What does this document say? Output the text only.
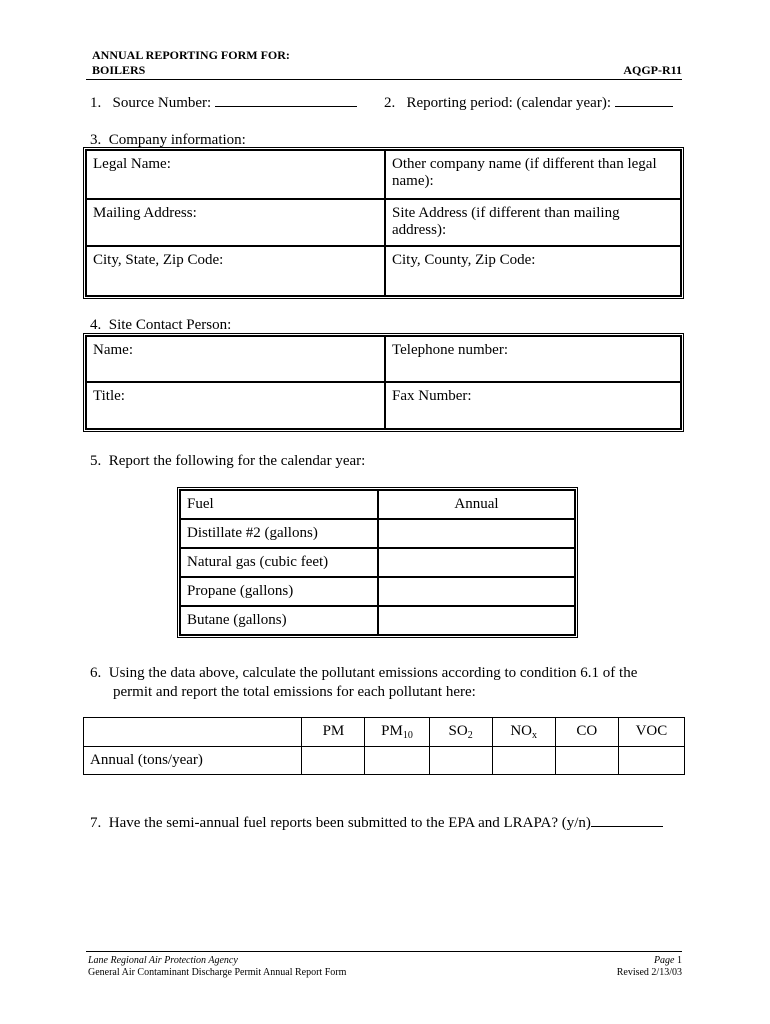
ANNUAL REPORTING FORM FOR:
BOILERS	AQGP-R11
1. Source Number:	2. Reporting period: (calendar year):
3. Company information:
Legal Name:	Other company name (if different than legal name):

Mailing Address:	Site Address (if different than mailing address):

City, State, Zip Code:	City, County, Zip Code:
4. Site Contact Person:
Name:	Telephone number:

Title:	Fax Number:
5. Report the following for the calendar year:
Fuel	Annual

Distillate #2 (gallons)	

Natural gas (cubic feet)	

Propane (gallons)	

Butane (gallons)	

6. Using the data above, calculate the pollutant emissions according to condition 6.1 of the
permit and report the total emissions for each pollutant here:

	PM	$PM_{10}$	$SO_2$	$NO_x$	CO	VOC

Annual (tons/year)						

7. Have the semi-annual fuel reports been submitted to the EPA and LRAPA? (y/n)
Lane Regional Air Protection Agency
General Air Contaminant Discharge Permit Annual Report Form
Page 1
Revised 2/13/03
